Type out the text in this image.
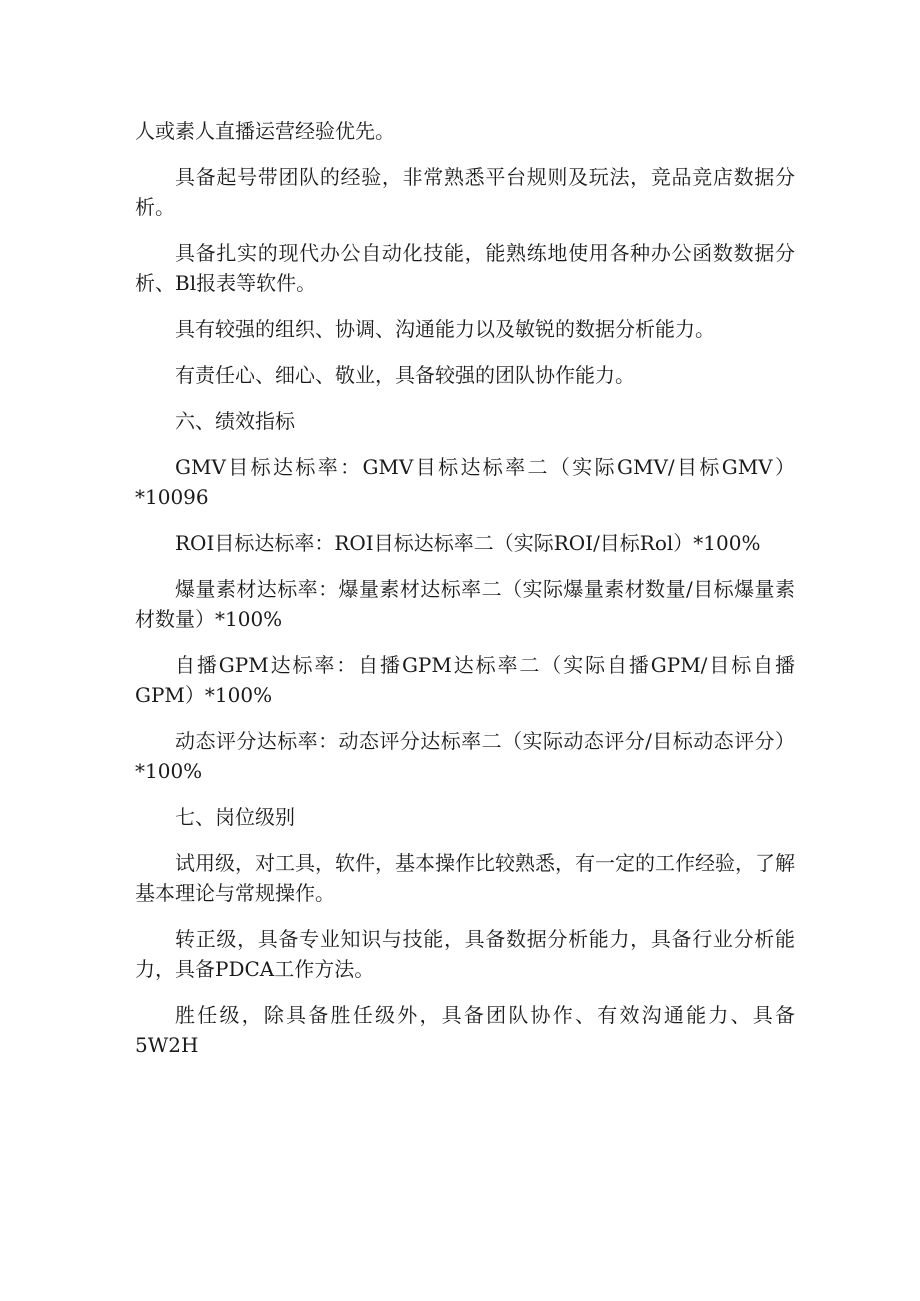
人或素人直播运营经验优先。

具备起号带团队的经验，非常熟悉平台规则及玩法，竞品竞店数据分析。

具备扎实的现代办公自动化技能，能熟练地使用各种办公函数数据分析、Bl报表等软件。

具有较强的组织、协调、沟通能力以及敏锐的数据分析能力。

有责任心、细心、敬业，具备较强的团队协作能力。

六、绩效指标

GMV目标达标率：GMV目标达标率二（实际GMV/目标GMV）*10096

ROI目标达标率：ROI目标达标率二（实际ROI/目标Rol）*100%

爆量素材达标率：爆量素材达标率二（实际爆量素材数量/目标爆量素材数量）*100%

自播GPM达标率：自播GPM达标率二（实际自播GPM/目标自播GPM）*100%

动态评分达标率：动态评分达标率二（实际动态评分/目标动态评分）*100%

七、岗位级别

试用级，对工具，软件，基本操作比较熟悉，有一定的工作经验，了解基本理论与常规操作。

转正级，具备专业知识与技能，具备数据分析能力，具备行业分析能力，具备PDCA工作方法。

胜任级，除具备胜任级外，具备团队协作、有效沟通能力、具备5W2H
